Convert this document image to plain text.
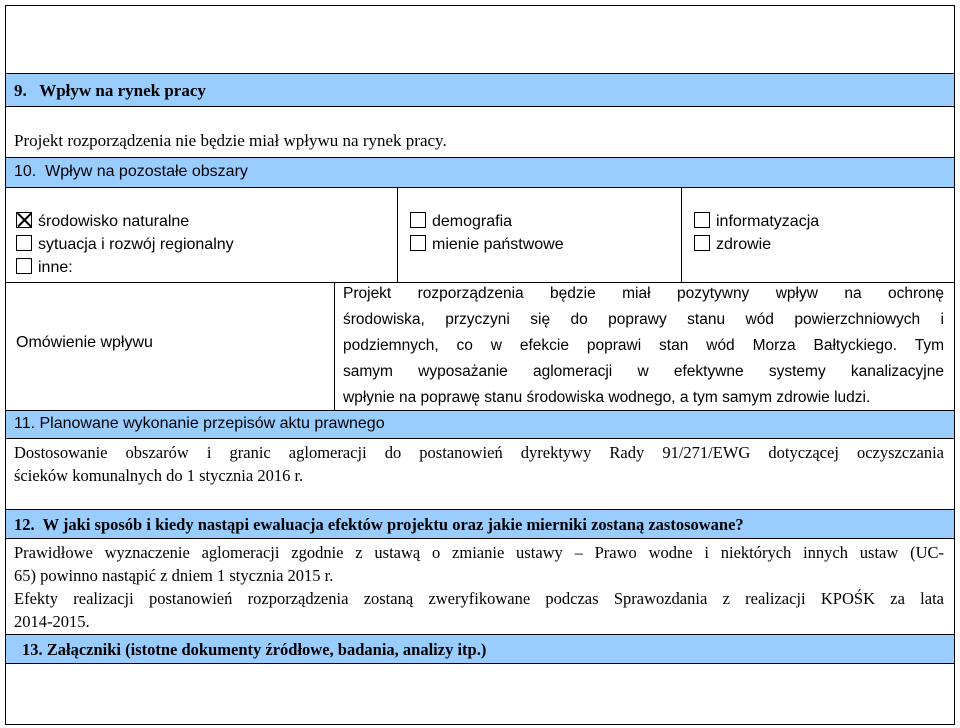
9.   Wpływ na rynek pracy
Projekt rozporządzenia nie będzie miał wpływu na rynek pracy.
10.  Wpływ na pozostałe obszary
środowisko naturalne
sytuacja i rozwój regionalny
inne:
demografia
mienie państwowe
informatyzacja
zdrowie
Omówienie wpływu
Projekt rozporządzenia będzie miał pozytywny wpływ na ochronę
środowiska, przyczyni się do poprawy stanu wód powierzchniowych i
podziemnych, co w efekcie poprawi stan wód Morza Bałtyckiego. Tym
samym wyposażanie aglomeracji w efektywne systemy kanalizacyjne
wpłynie na poprawę stanu środowiska wodnego, a tym samym zdrowie ludzi.
11. Planowane wykonanie przepisów aktu prawnego
Dostosowanie obszarów i granic aglomeracji do postanowień dyrektywy Rady 91/271/EWG dotyczącej oczyszczania
ścieków komunalnych do 1 stycznia 2016 r.
12.  W jaki sposób i kiedy nastąpi ewaluacja efektów projektu oraz jakie mierniki zostaną zastosowane?
Prawidłowe wyznaczenie aglomeracji zgodnie z ustawą o zmianie ustawy – Prawo wodne i niektórych innych ustaw (UC-
65) powinno nastąpić z dniem 1 stycznia 2015 r.
Efekty realizacji postanowień rozporządzenia zostaną zweryfikowane podczas Sprawozdania z realizacji KPOŚK za lata
2014-2015.
13. Załączniki (istotne dokumenty źródłowe, badania, analizy itp.)
